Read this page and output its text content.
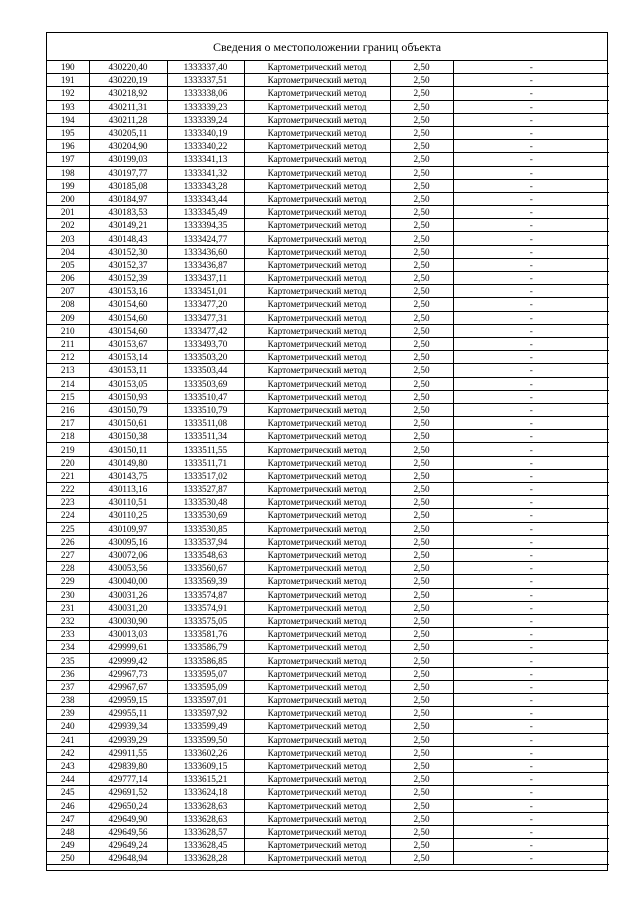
Сведения о местоположении границ объекта
190	430220,40	1333337,40	Картометрический метод	2,50	-
191	430220,19	1333337,51	Картометрический метод	2,50	-
192	430218,92	1333338,06	Картометрический метод	2,50	-
193	430211,31	1333339,23	Картометрический метод	2,50	-
194	430211,28	1333339,24	Картометрический метод	2,50	-
195	430205,11	1333340,19	Картометрический метод	2,50	-
196	430204,90	1333340,22	Картометрический метод	2,50	-
197	430199,03	1333341,13	Картометрический метод	2,50	-
198	430197,77	1333341,32	Картометрический метод	2,50	-
199	430185,08	1333343,28	Картометрический метод	2,50	-
200	430184,97	1333343,44	Картометрический метод	2,50	-
201	430183,53	1333345,49	Картометрический метод	2,50	-
202	430149,21	1333394,35	Картометрический метод	2,50	-
203	430148,43	1333424,77	Картометрический метод	2,50	-
204	430152,30	1333436,60	Картометрический метод	2,50	-
205	430152,37	1333436,87	Картометрический метод	2,50	-
206	430152,39	1333437,11	Картометрический метод	2,50	-
207	430153,16	1333451,01	Картометрический метод	2,50	-
208	430154,60	1333477,20	Картометрический метод	2,50	-
209	430154,60	1333477,31	Картометрический метод	2,50	-
210	430154,60	1333477,42	Картометрический метод	2,50	-
211	430153,67	1333493,70	Картометрический метод	2,50	-
212	430153,14	1333503,20	Картометрический метод	2,50	-
213	430153,11	1333503,44	Картометрический метод	2,50	-
214	430153,05	1333503,69	Картометрический метод	2,50	-
215	430150,93	1333510,47	Картометрический метод	2,50	-
216	430150,79	1333510,79	Картометрический метод	2,50	-
217	430150,61	1333511,08	Картометрический метод	2,50	-
218	430150,38	1333511,34	Картометрический метод	2,50	-
219	430150,11	1333511,55	Картометрический метод	2,50	-
220	430149,80	1333511,71	Картометрический метод	2,50	-
221	430143,75	1333517,02	Картометрический метод	2,50	-
222	430113,16	1333527,87	Картометрический метод	2,50	-
223	430110,51	1333530,48	Картометрический метод	2,50	-
224	430110,25	1333530,69	Картометрический метод	2,50	-
225	430109,97	1333530,85	Картометрический метод	2,50	-
226	430095,16	1333537,94	Картометрический метод	2,50	-
227	430072,06	1333548,63	Картометрический метод	2,50	-
228	430053,56	1333560,67	Картометрический метод	2,50	-
229	430040,00	1333569,39	Картометрический метод	2,50	-
230	430031,26	1333574,87	Картометрический метод	2,50	-
231	430031,20	1333574,91	Картометрический метод	2,50	-
232	430030,90	1333575,05	Картометрический метод	2,50	-
233	430013,03	1333581,76	Картометрический метод	2,50	-
234	429999,61	1333586,79	Картометрический метод	2,50	-
235	429999,42	1333586,85	Картометрический метод	2,50	-
236	429967,73	1333595,07	Картометрический метод	2,50	-
237	429967,67	1333595,09	Картометрический метод	2,50	-
238	429959,15	1333597,01	Картометрический метод	2,50	-
239	429955,11	1333597,92	Картометрический метод	2,50	-
240	429939,34	1333599,49	Картометрический метод	2,50	-
241	429939,29	1333599,50	Картометрический метод	2,50	-
242	429911,55	1333602,26	Картометрический метод	2,50	-
243	429839,80	1333609,15	Картометрический метод	2,50	-
244	429777,14	1333615,21	Картометрический метод	2,50	-
245	429691,52	1333624,18	Картометрический метод	2,50	-
246	429650,24	1333628,63	Картометрический метод	2,50	-
247	429649,90	1333628,63	Картометрический метод	2,50	-
248	429649,56	1333628,57	Картометрический метод	2,50	-
249	429649,24	1333628,45	Картометрический метод	2,50	-
250	429648,94	1333628,28	Картометрический метод	2,50	-
